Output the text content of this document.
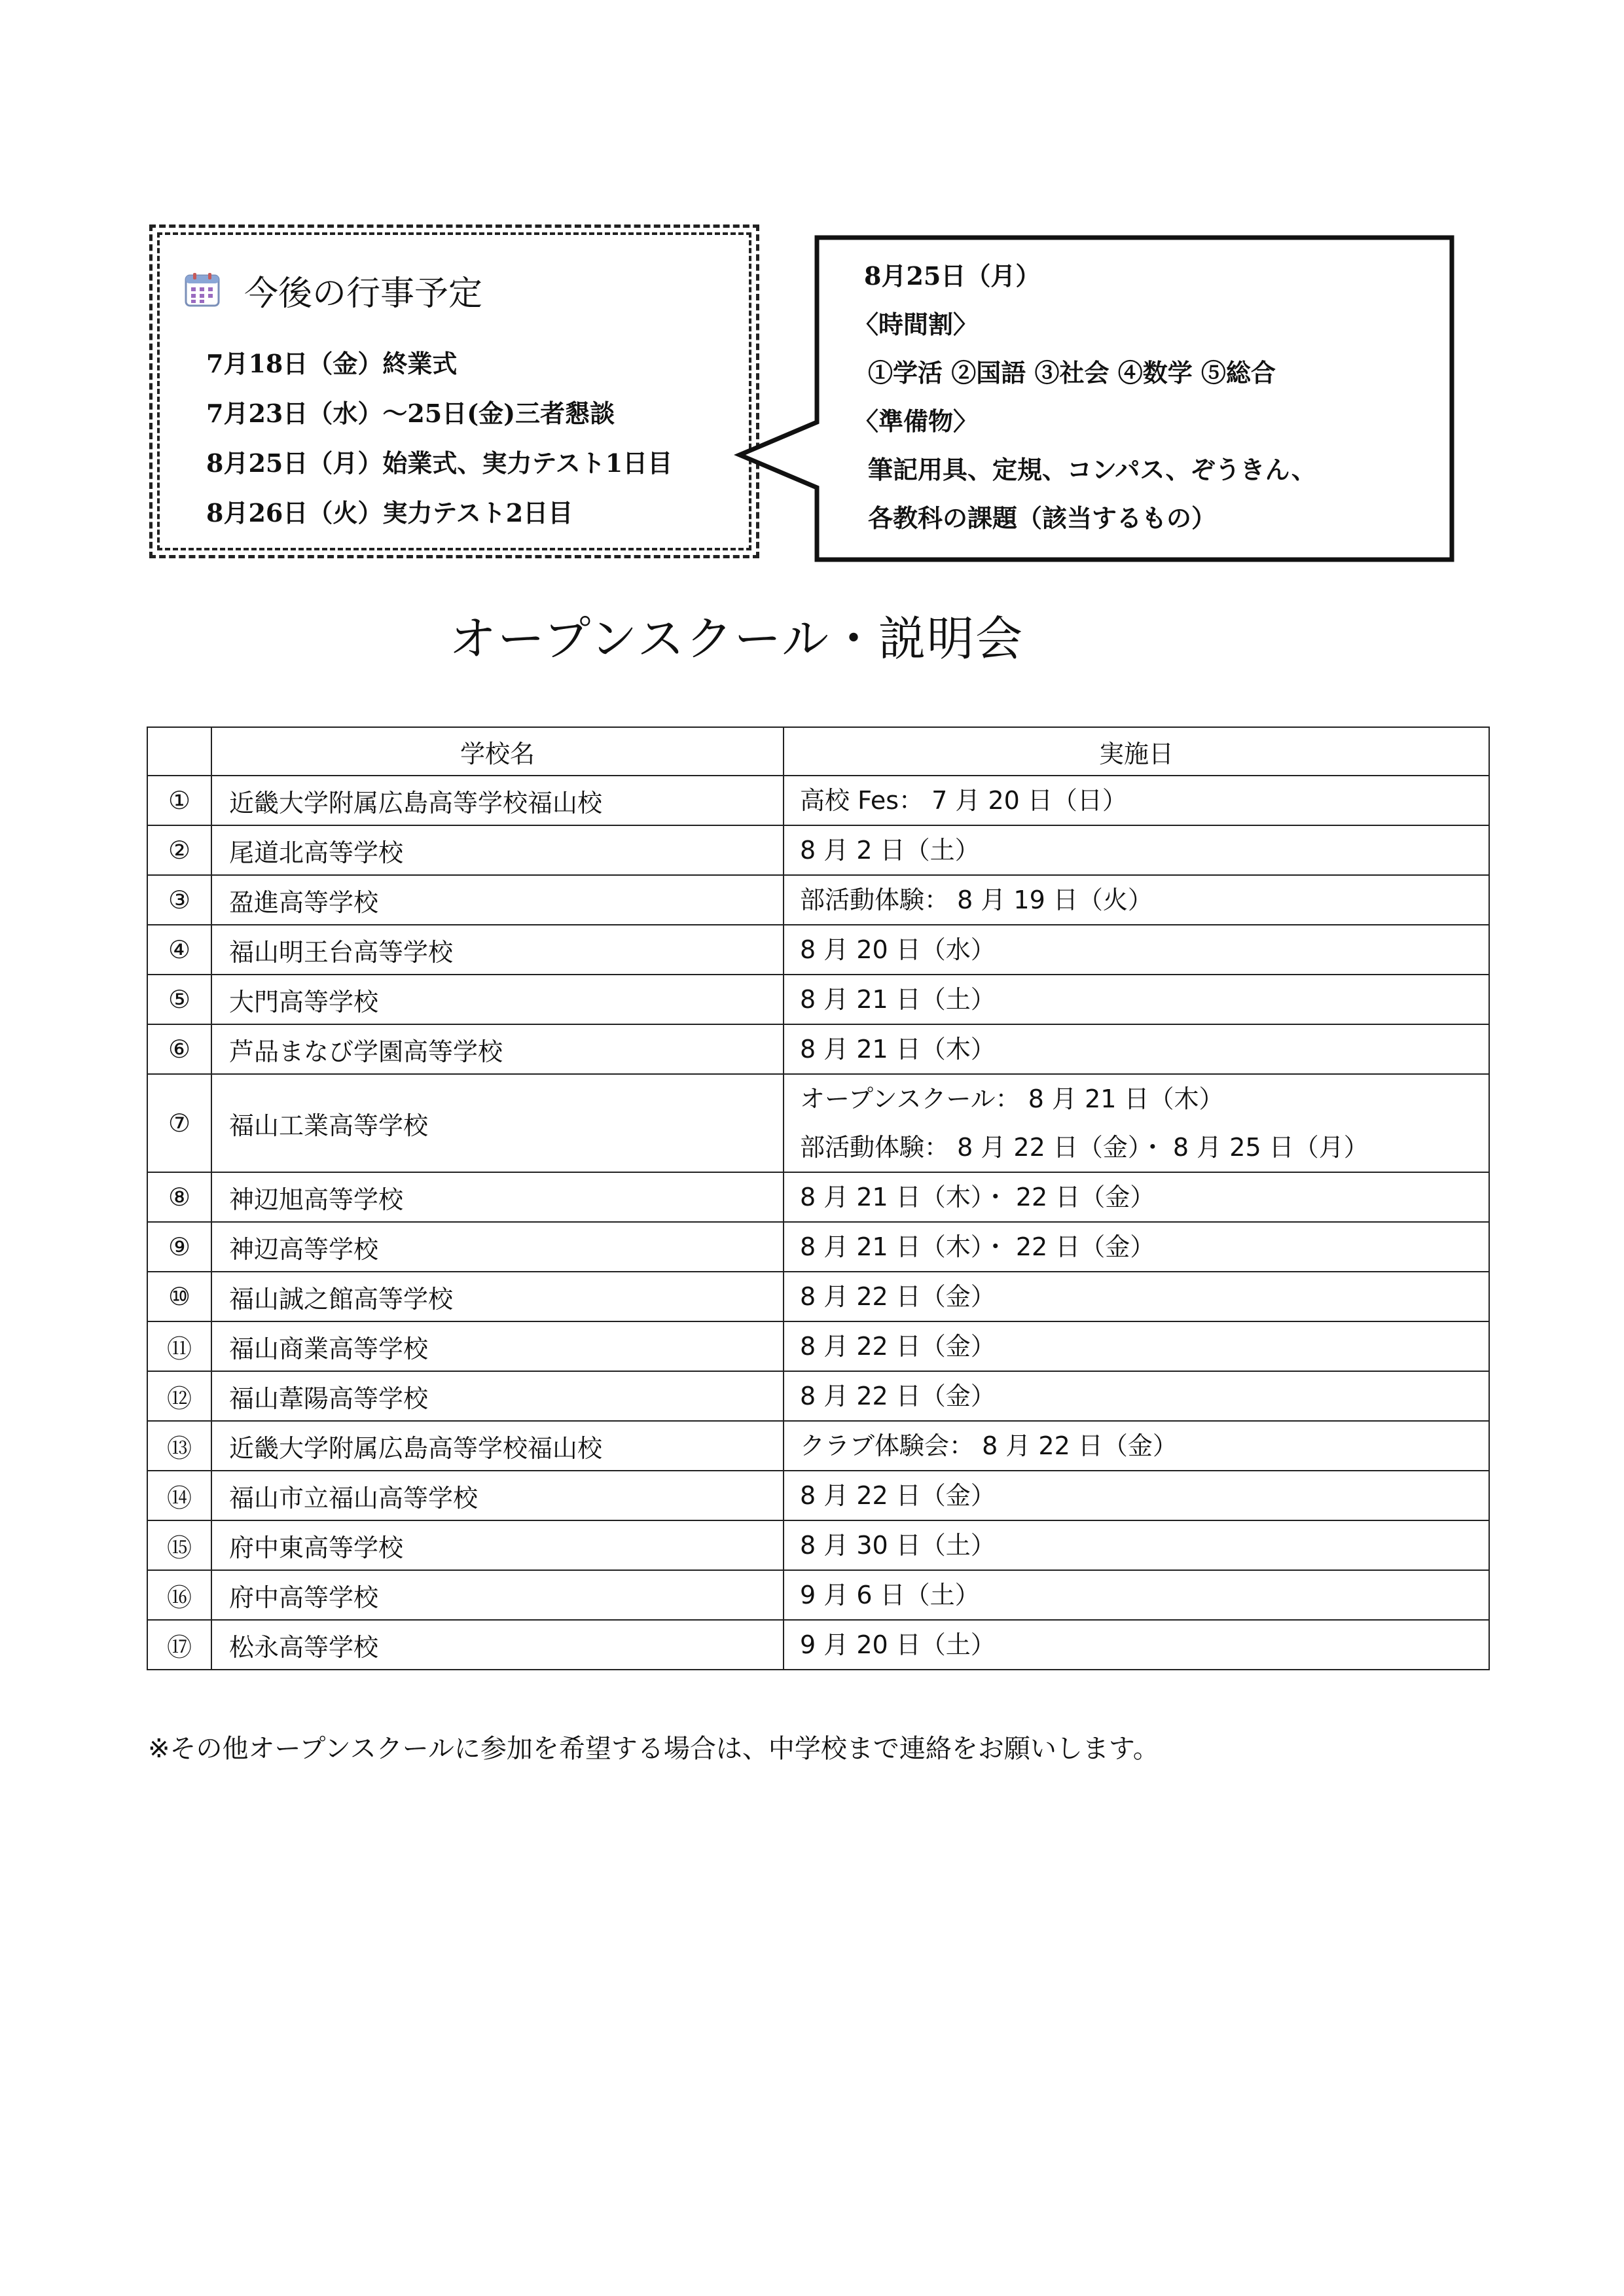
今後の行事予定
7月18日（金）終業式
7月23日（水）～25日(金)三者懇談
8月25日（月）始業式、実力テスト1日目
8月26日（火）実力テスト2日目
8月25日（月）
〈時間割〉
①学活 ②国語 ③社会 ④数学 ⑤総合
〈準備物〉
筆記用具、定規、コンパス、ぞうきん、
各教科の課題（該当するもの）
オープンスクール・説明会
	学校名	実施日
①	近畿大学附属広島高等学校福山校	高校 Fes： 7 月 20 日（日）

②	尾道北高等学校	8 月 2 日（土）

③	盈進高等学校	部活動体験： 8 月 19 日（火）

④	福山明王台高等学校	8 月 20 日（水）

⑤	大門高等学校	8 月 21 日（土）

⑥	芦品まなび学園高等学校	8 月 21 日（木）

⑦	福山工業高等学校	オープンスクール： 8 月 21 日（木）
部活動体験： 8 月 22 日（金）・ 8 月 25 日（月）

⑧	神辺旭高等学校	8 月 21 日（木）・ 22 日（金）

⑨	神辺高等学校	8 月 21 日（木）・ 22 日（金）

⑩	福山誠之館高等学校	8 月 22 日（金）

⑪	福山商業高等学校	8 月 22 日（金）

⑫	福山葦陽高等学校	8 月 22 日（金）

⑬	近畿大学附属広島高等学校福山校	クラブ体験会： 8 月 22 日（金）

⑭	福山市立福山高等学校	8 月 22 日（金）

⑮	府中東高等学校	8 月 30 日（土）

⑯	府中高等学校	9 月 6 日（土）

⑰	松永高等学校	9 月 20 日（土）
※その他オープンスクールに参加を希望する場合は、中学校まで連絡をお願いします。
